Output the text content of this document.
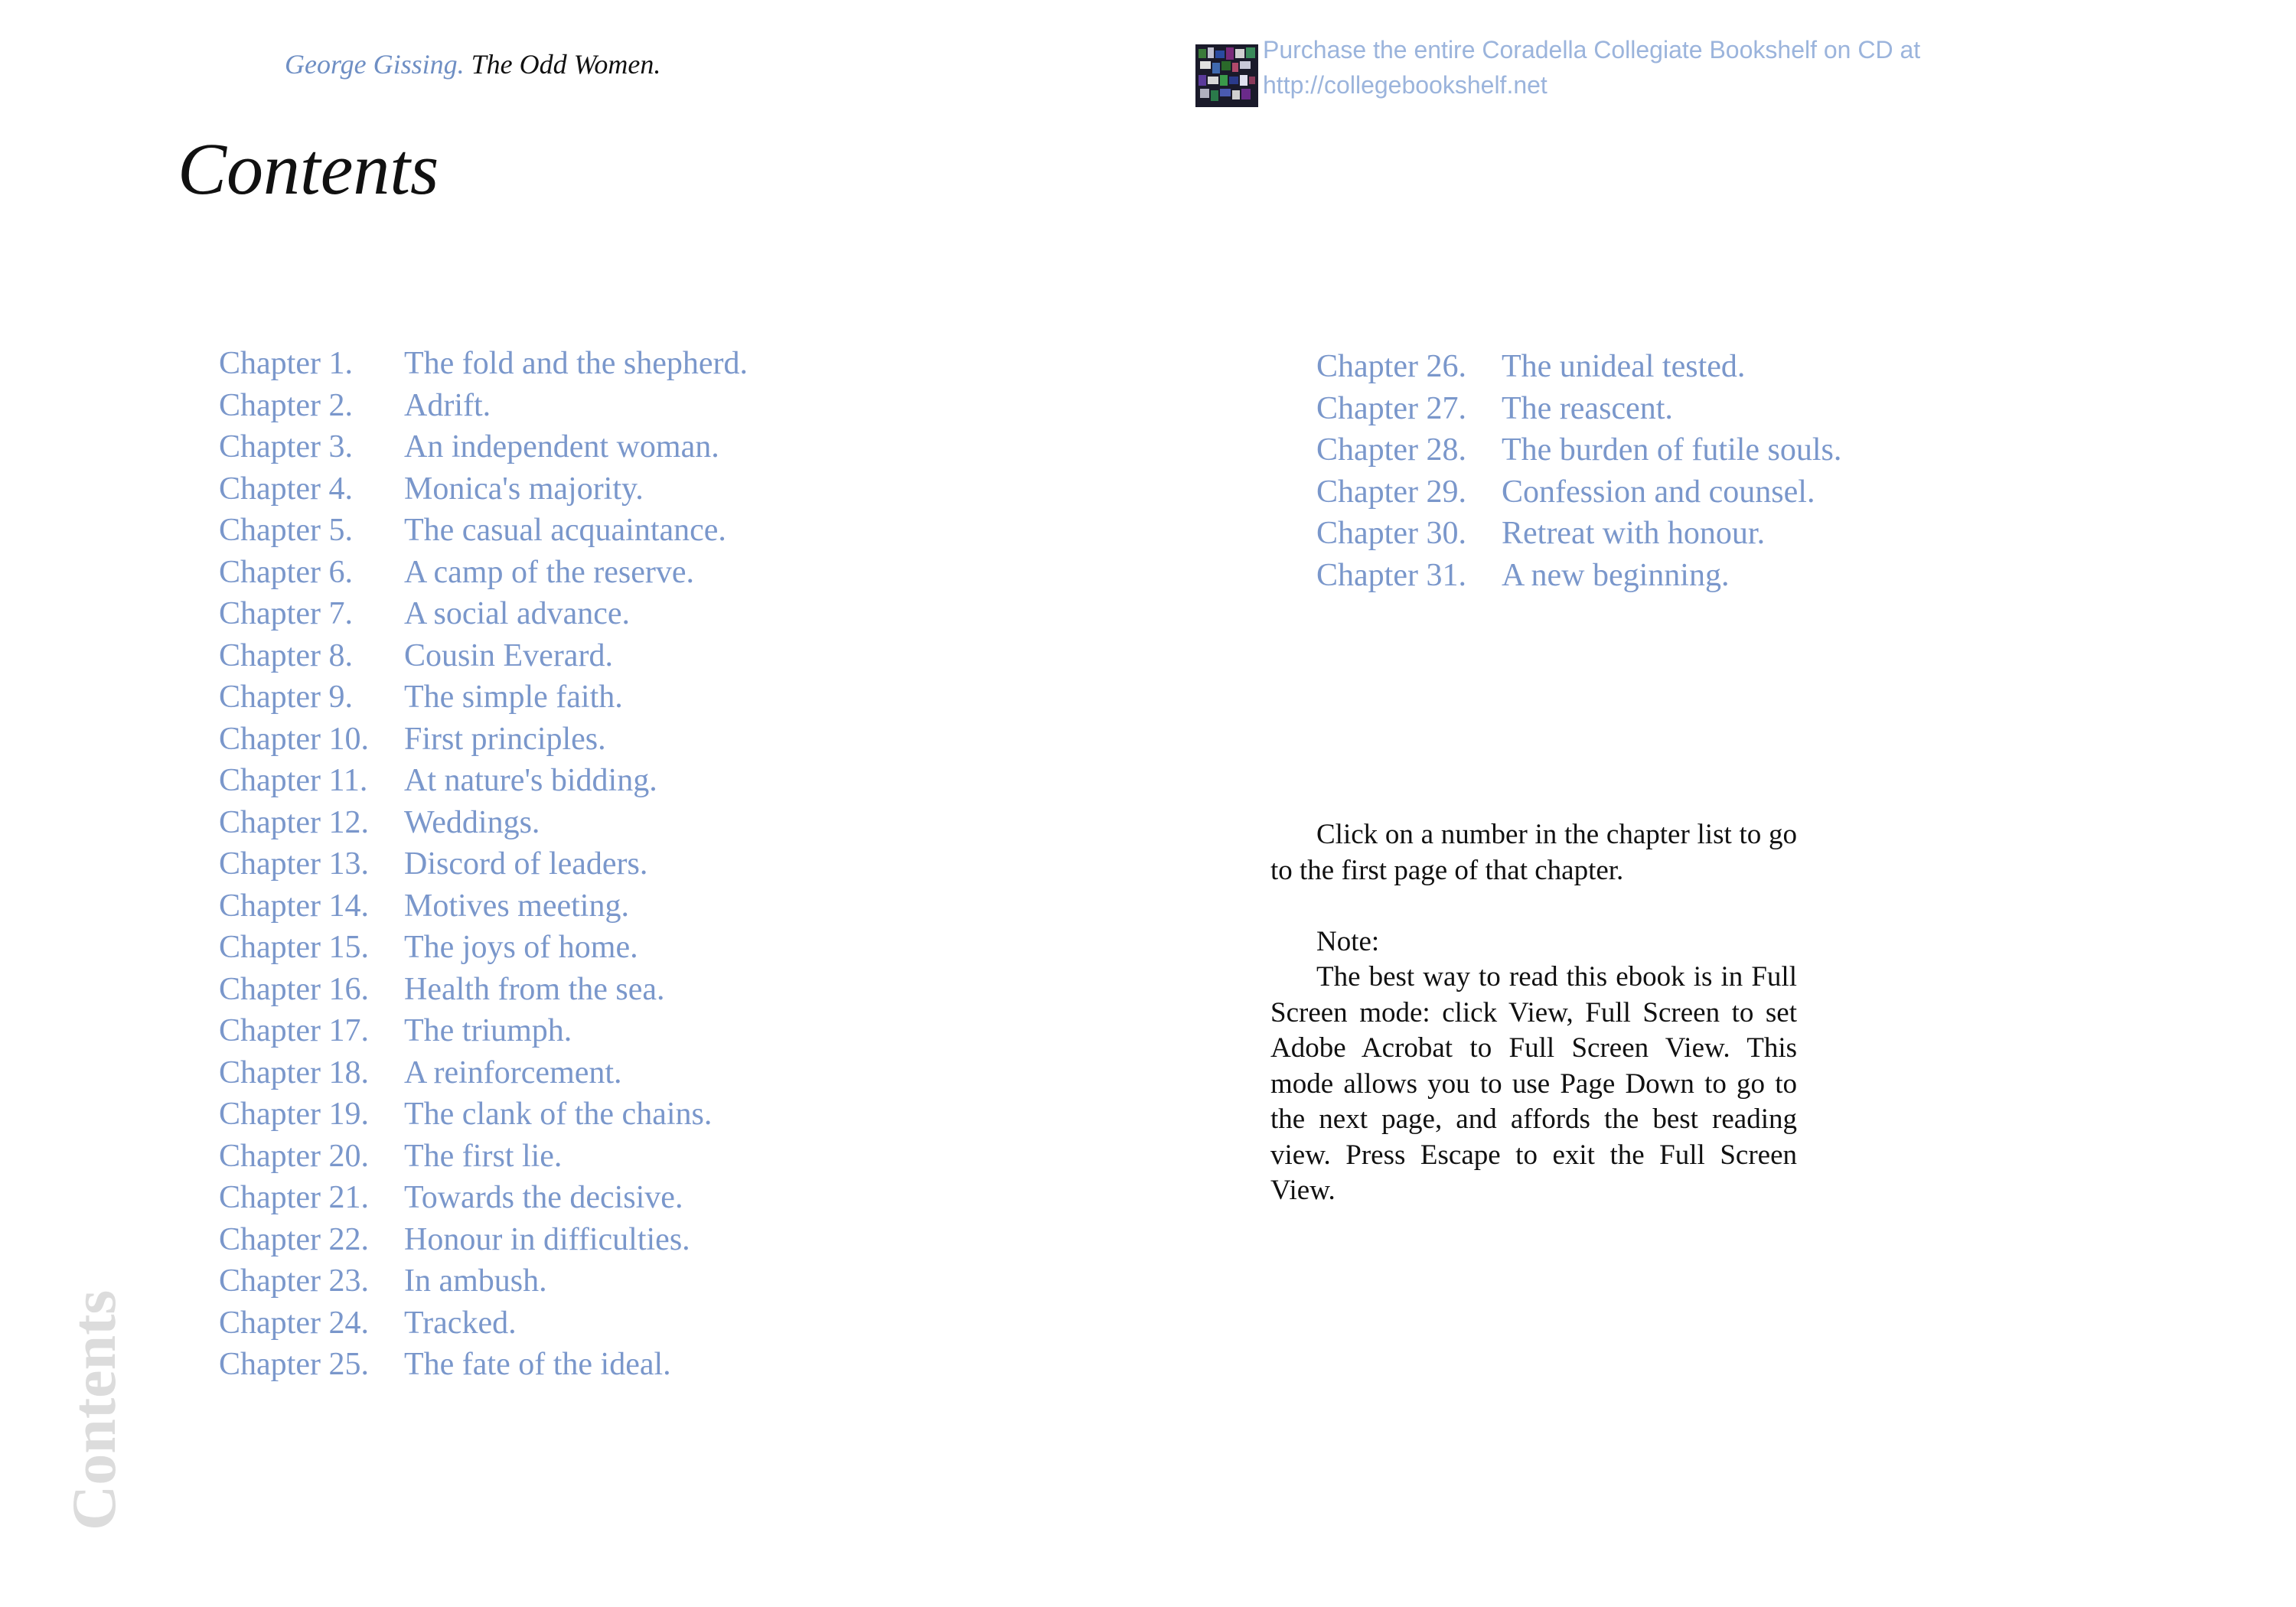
George Gissing. The Odd Women.	Purchase the entire Coradella Collegiate Bookshelf on CD at
http://collegebookshelf.net
Contents
Chapter 1. The fold and the shepherd.
Chapter 2. Adrift.
Chapter 3. An independent woman.
Chapter 4. Monica's majority.
Chapter 5. The casual acquaintance.
Chapter 6. A camp of the reserve.
Chapter 7. A social advance.
Chapter 8. Cousin Everard.
Chapter 9. The simple faith.
Chapter 10. First principles.
Chapter 11. At nature's bidding.
Chapter 12. Weddings.
Chapter 13. Discord of leaders.
Chapter 14. Motives meeting.
Chapter 15. The joys of home.
Chapter 16. Health from the sea.
Chapter 17. The triumph.
Chapter 18. A reinforcement.
Chapter 19. The clank of the chains.
Chapter 20. The first lie.
Chapter 21. Towards the decisive.
Chapter 22. Honour in difficulties.
Chapter 23. In ambush.
Chapter 24. Tracked.
Chapter 25. The fate of the ideal.
Chapter 26. The unideal tested.
Chapter 27. The reascent.
Chapter 28. The burden of futile souls.
Chapter 29. Confession and counsel.
Chapter 30. Retreat with honour.
Chapter 31. A new beginning.

Click on a number in the chapter list to go to the first page of that chapter.

Note:

The best way to read this ebook is in Full Screen mode: click View, Full Screen to set Adobe Acrobat to Full Screen View. This mode allows you to use Page Down to go to the next page, and affords the best reading view. Press Escape to exit the Full Screen View.

Contents
